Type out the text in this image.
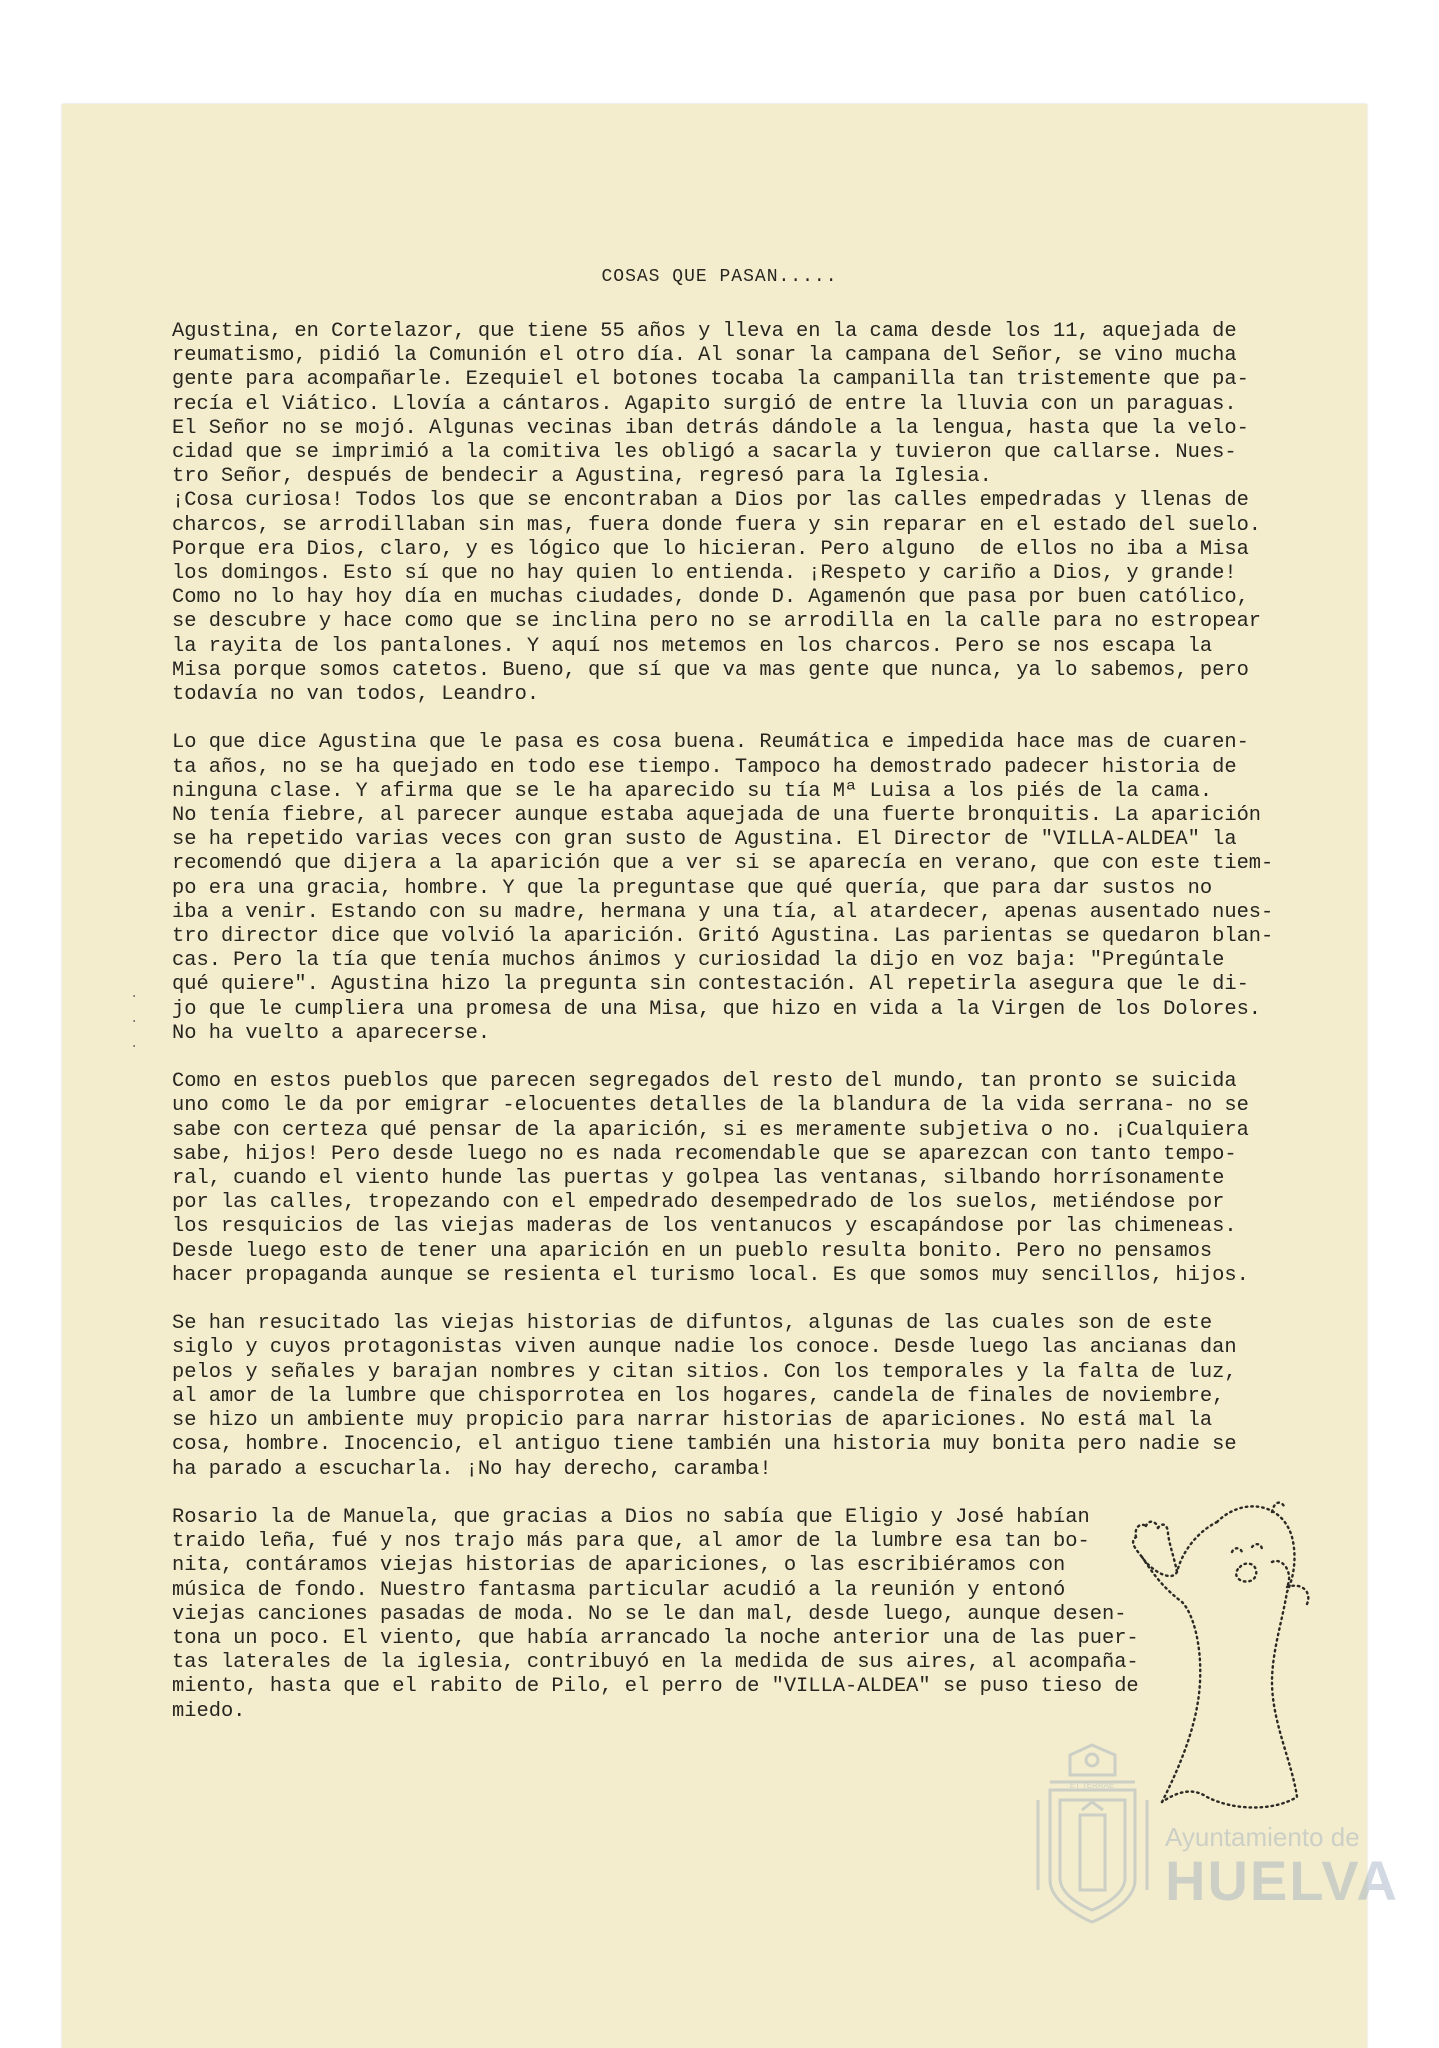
COSAS QUE PASAN.....
Agustina, en Cortelazor, que tiene 55 años y lleva en la cama desde los 11, aquejada de
reumatismo, pidió la Comunión el otro día. Al sonar la campana del Señor, se vino mucha
gente para acompañarle. Ezequiel el botones tocaba la campanilla tan tristemente que pa-
recía el Viático. Llovía a cántaros. Agapito surgió de entre la lluvia con un paraguas.
El Señor no se mojó. Algunas vecinas iban detrás dándole a la lengua, hasta que la velo-
cidad que se imprimió a la comitiva les obligó a sacarla y tuvieron que callarse. Nues-
tro Señor, después de bendecir a Agustina, regresó para la Iglesia.
¡Cosa curiosa! Todos los que se encontraban a Dios por las calles empedradas y llenas de
charcos, se arrodillaban sin mas, fuera donde fuera y sin reparar en el estado del suelo.
Porque era Dios, claro, y es lógico que lo hicieran. Pero alguno  de ellos no iba a Misa
los domingos. Esto sí que no hay quien lo entienda. ¡Respeto y cariño a Dios, y grande!
Como no lo hay hoy día en muchas ciudades, donde D. Agamenón que pasa por buen católico,
se descubre y hace como que se inclina pero no se arrodilla en la calle para no estropear
la rayita de los pantalones. Y aquí nos metemos en los charcos. Pero se nos escapa la
Misa porque somos catetos. Bueno, que sí que va mas gente que nunca, ya lo sabemos, pero
todavía no van todos, Leandro.
Lo que dice Agustina que le pasa es cosa buena. Reumática e impedida hace mas de cuaren-
ta años, no se ha quejado en todo ese tiempo. Tampoco ha demostrado padecer historia de
ninguna clase. Y afirma que se le ha aparecido su tía Mª Luisa a los piés de la cama.
No tenía fiebre, al parecer aunque estaba aquejada de una fuerte bronquitis. La aparición
se ha repetido varias veces con gran susto de Agustina. El Director de "VILLA-ALDEA" la
recomendó que dijera a la aparición que a ver si se aparecía en verano, que con este tiem-
po era una gracia, hombre. Y que la preguntase que qué quería, que para dar sustos no
iba a venir. Estando con su madre, hermana y una tía, al atardecer, apenas ausentado nues-
tro director dice que volvió la aparición. Gritó Agustina. Las parientas se quedaron blan-
cas. Pero la tía que tenía muchos ánimos y curiosidad la dijo en voz baja: "Pregúntale
qué quiere". Agustina hizo la pregunta sin contestación. Al repetirla asegura que le di-
jo que le cumpliera una promesa de una Misa, que hizo en vida a la Virgen de los Dolores.
No ha vuelto a aparecerse.
Como en estos pueblos que parecen segregados del resto del mundo, tan pronto se suicida
uno como le da por emigrar -elocuentes detalles de la blandura de la vida serrana- no se
sabe con certeza qué pensar de la aparición, si es meramente subjetiva o no. ¡Cualquiera
sabe, hijos! Pero desde luego no es nada recomendable que se aparezcan con tanto tempo-
ral, cuando el viento hunde las puertas y golpea las ventanas, silbando horrísonamente
por las calles, tropezando con el empedrado desempedrado de los suelos, metiéndose por
los resquicios de las viejas maderas de los ventanucos y escapándose por las chimeneas.
Desde luego esto de tener una aparición en un pueblo resulta bonito. Pero no pensamos
hacer propaganda aunque se resienta el turismo local. Es que somos muy sencillos, hijos.
Se han resucitado las viejas historias de difuntos, algunas de las cuales son de este
siglo y cuyos protagonistas viven aunque nadie los conoce. Desde luego las ancianas dan
pelos y señales y barajan nombres y citan sitios. Con los temporales y la falta de luz,
al amor de la lumbre que chisporrotea en los hogares, candela de finales de noviembre,
se hizo un ambiente muy propicio para narrar historias de apariciones. No está mal la
cosa, hombre. Inocencio, el antiguo tiene también una historia muy bonita pero nadie se
ha parado a escucharla. ¡No hay derecho, caramba!
Rosario la de Manuela, que gracias a Dios no sabía que Eligio y José habían
traido leña, fué y nos trajo más para que, al amor de la lumbre esa tan bo-
nita, contáramos viejas historias de apariciones, o las escribiéramos con
música de fondo. Nuestro fantasma particular acudió a la reunión y entonó
viejas canciones pasadas de moda. No se le dan mal, desde luego, aunque desen-
tona un poco. El viento, que había arrancado la noche anterior una de las puer-
tas laterales de la iglesia, contribuyó en la medida de sus aires, al acompaña-
miento, hasta que el rabito de Pilo, el perro de "VILLA-ALDEA" se puso tieso de
miedo.
·
·
·
ET TERRAE
Ayuntamiento de
HUELVA
